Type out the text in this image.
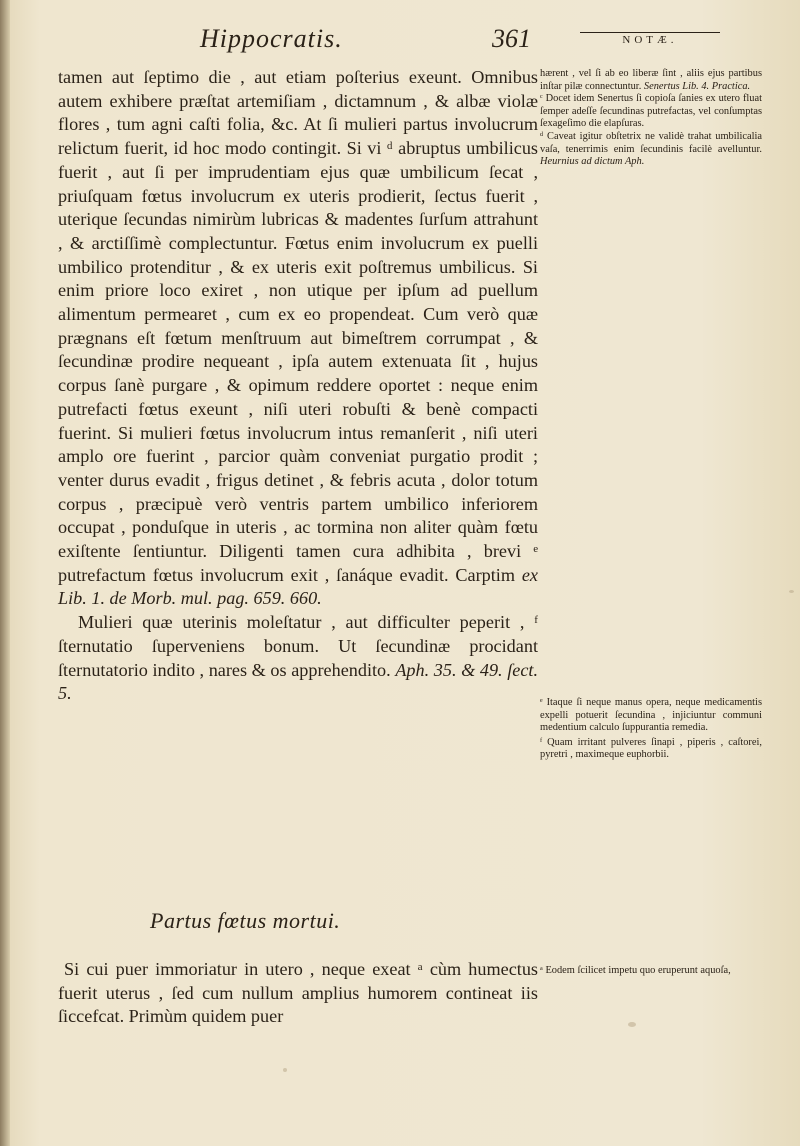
Hippocratis.	361	NOTÆ.

tamen aut ſeptimo die , aut etiam poſterius exeunt. Omnibus autem exhibere præſtat artemiſiam , dictamnum , & albæ violæ flores , tum agni caſti folia, &c. At ſi mulieri partus involucrum relictum fuerit, id hoc modo contingit. Si vi ᵈ abruptus umbilicus fuerit , aut ſi per imprudentiam ejus quæ umbilicum ſecat , priuſquam fœtus involucrum ex uteris prodierit, ſectus fuerit , uterique ſecundas nimirùm lubricas & madentes ſurſum attrahunt , & arctiſſimè complectuntur. Fœtus enim involucrum ex puelli umbilico protenditur , & ex uteris exit poſtremus umbilicus. Si enim priore loco exiret , non utique per ipſum ad puellum alimentum permearet , cum ex eo propendeat. Cum verò quæ prægnans eſt fœtum menſtruum aut bimeſtrem corrumpat , & ſecundinæ prodire nequeant , ipſa autem extenuata ſit , hujus corpus ſanè purgare , & opimum reddere oportet : neque enim putrefacti fœtus exeunt , niſi uteri robuſti & benè compacti fuerint. Si mulieri fœtus involucrum intus remanſerit , niſi uteri amplo ore fuerint , parcior quàm conveniat purgatio prodit ; venter durus evadit , frigus detinet , & febris acuta , dolor totum corpus , præcipuè verò ventris partem umbilico inferiorem occupat , ponduſque in uteris , ac tormina non aliter quàm fœtu exiſtente ſentiuntur. Diligenti tamen cura adhibita , brevi ᵉ putrefactum fœtus involucrum exit , ſanáque evadit. Carptim ex Lib. 1. de Morb. mul. pag. 659. 660.

Mulieri quæ uterinis moleſtatur , aut difficulter peperit , ᶠ ſternutatio ſuperveniens bonum. Ut ſecundinæ procidant ſternutatorio indito , nares & os apprehendito. Aph. 35. & 49. ſect. 5.

Partus fœtus mortui.

Si cui puer immoriatur in utero , neque exeat ᵃ cùm humectus fuerit uterus , ſed cum nullum amplius humorem contineat iis ſiccefcat. Primùm quidem puer

hærent , vel ſi ab eo liberæ ſint , aliis ejus partibus inſtar pilæ connectuntur. Senertus Lib. 4. Practica.

ᶜ Docet idem Senertus ſi copioſa ſanies ex utero fluat ſemper adeſſe ſecundinas putrefactas, vel conſumptas ſexageſimo die elapſuras.

ᵈ Caveat igitur obſtetrix ne validè trahat umbilicalia vaſa, tenerrimis enim ſecundinis facilè avelluntur. Heurnius ad dictum Aph.

ᵉ Itaque ſi neque manus opera, neque medicamentis expelli potuerit ſecundina , injiciuntur communi medentium calculo ſuppurantia remedia.

ᶠ Quam irritant pulveres ſinapi , piperis , caſtorei, pyretri , maximeque euphorbii.

ᵃ Eodem ſcilicet impetu quo eruperunt aquoſa,
